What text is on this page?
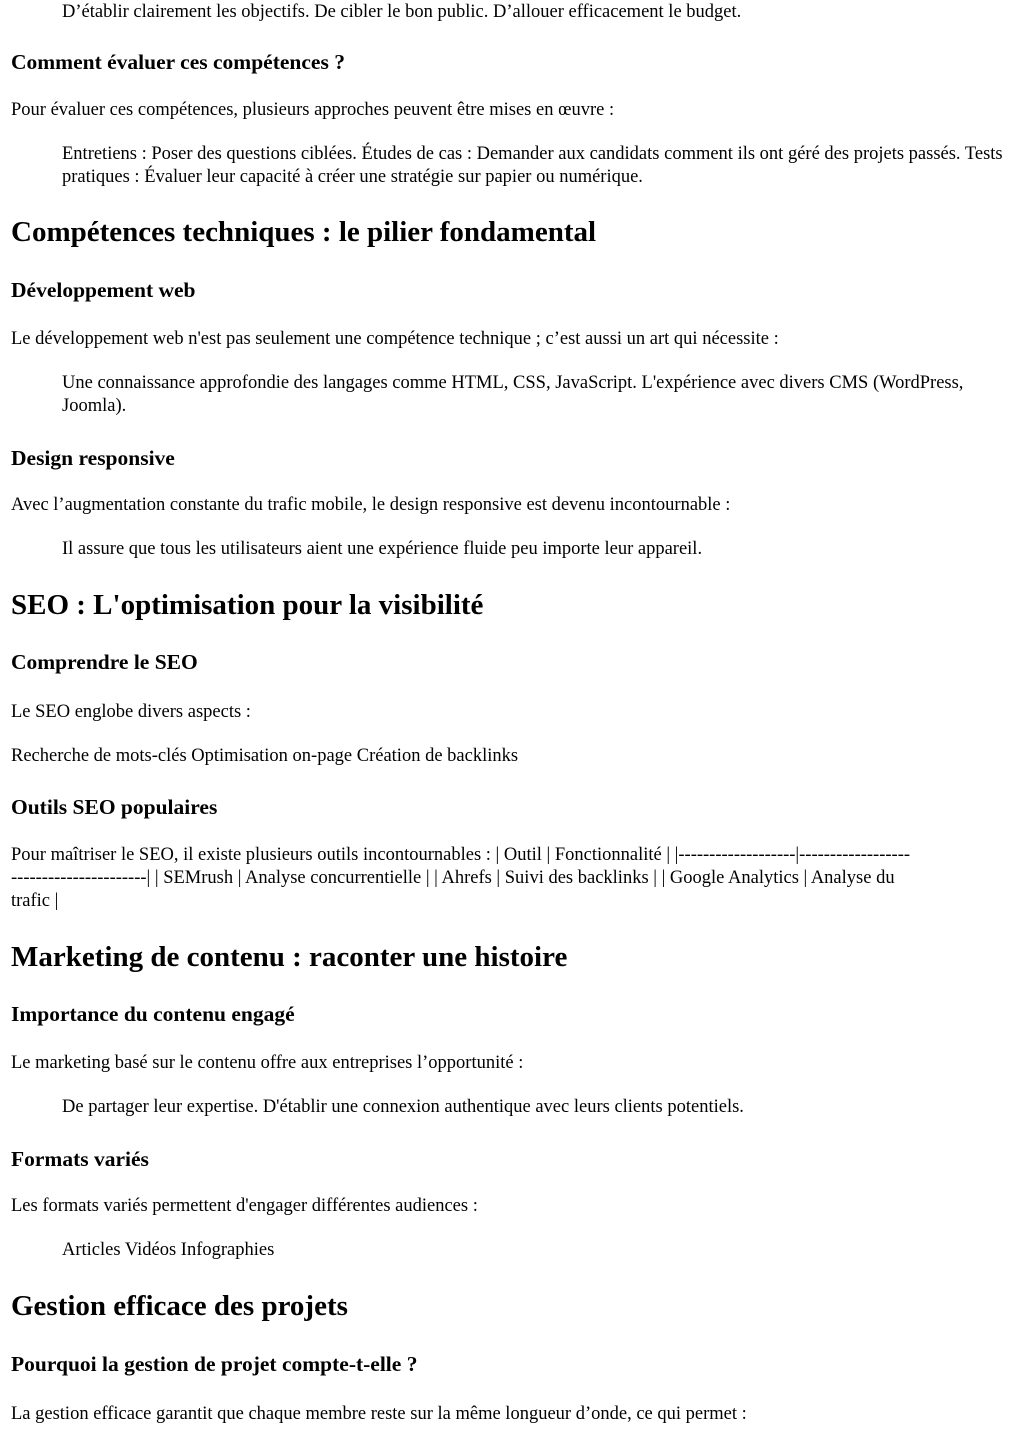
D’établir clairement les objectifs. De cibler le bon public. D’allouer efficacement le budget.

Comment évaluer ces compétences ?

Pour évaluer ces compétences, plusieurs approches peuvent être mises en œuvre :

Entretiens : Poser des questions ciblées. Études de cas : Demander aux candidats comment ils ont géré des projets passés. Tests pratiques : Évaluer leur capacité à créer une stratégie sur papier ou numérique.

Compétences techniques : le pilier fondamental
Développement web

Le développement web n'est pas seulement une compétence technique ; c’est aussi un art qui nécessite :

Une connaissance approfondie des langages comme HTML, CSS, JavaScript. L'expérience avec divers CMS (WordPress, Joomla).

Design responsive

Avec l’augmentation constante du trafic mobile, le design responsive est devenu incontournable :

Il assure que tous les utilisateurs aient une expérience fluide peu importe leur appareil.

SEO : L'optimisation pour la visibilité
Comprendre le SEO

Le SEO englobe divers aspects :

Recherche de mots-clés Optimisation on-page Création de backlinks

Outils SEO populaires

Pour maîtriser le SEO, il existe plusieurs outils incontournables : | Outil | Fonctionnalité | |-------------------|------------------

----------------------| | SEMrush | Analyse concurrentielle | | Ahrefs | Suivi des backlinks | | Google Analytics | Analyse du

trafic |

Marketing de contenu : raconter une histoire
Importance du contenu engagé

Le marketing basé sur le contenu offre aux entreprises l’opportunité :

De partager leur expertise. D'établir une connexion authentique avec leurs clients potentiels.

Formats variés

Les formats variés permettent d'engager différentes audiences :

Articles Vidéos Infographies

Gestion efficace des projets
Pourquoi la gestion de projet compte-t-elle ?

La gestion efficace garantit que chaque membre reste sur la même longueur d’onde, ce qui permet :
